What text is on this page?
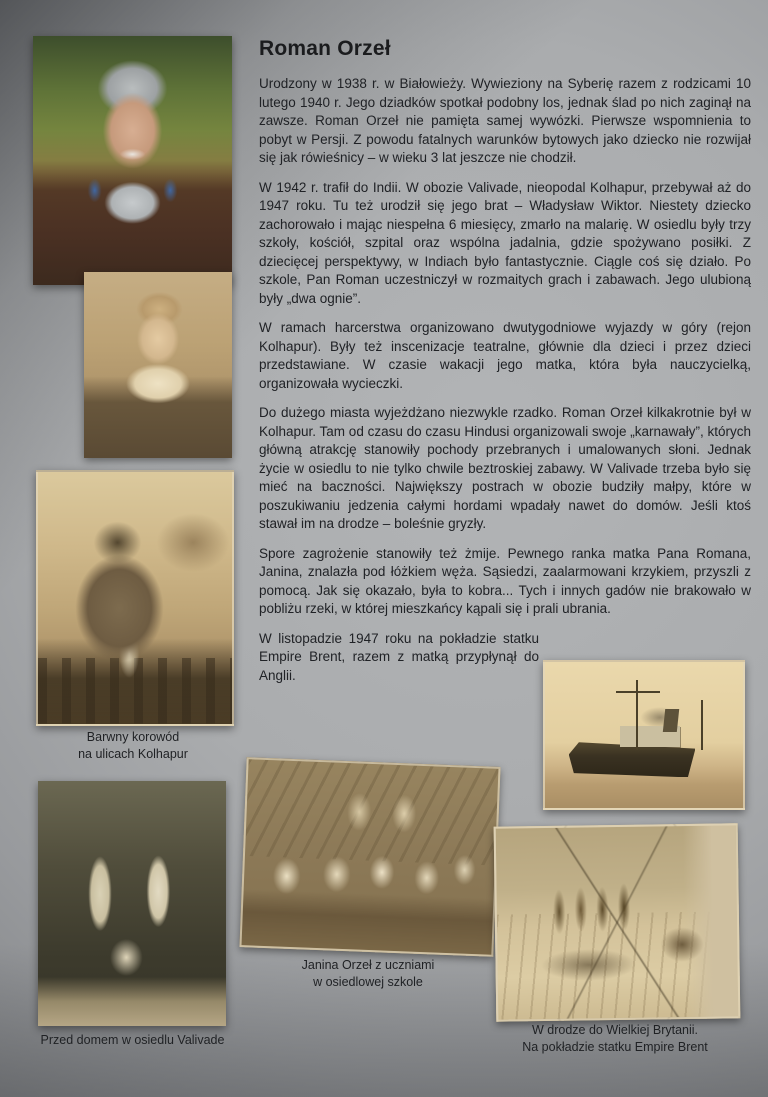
Barwny korowód
na ulicach Kolhapur
Przed domem w osiedlu Valivade
Janina Orzeł z uczniami
w osiedlowej szkole
W drodze do Wielkiej Brytanii.
Na pokładzie statku Empire Brent
Roman Orzeł

Urodzony w 1938 r. w Białowieży. Wywieziony na Syberię razem z rodzicami 10 lutego 1940 r. Jego dziadków spotkał podobny los, jednak ślad po nich zaginął na zawsze. Roman Orzeł nie pamięta samej wywózki. Pierwsze wspomnienia to pobyt w Persji. Z powodu fatalnych warunków bytowych jako dziecko nie rozwijał się jak rówieśnicy – w wieku 3 lat jeszcze nie chodził.

W 1942 r. trafił do Indii. W obozie Valivade, nieopodal Kolhapur, przebywał aż do 1947 roku. Tu też urodził się jego brat – Władysław Wiktor. Niestety dziecko zachorowało i mając niespełna 6 miesięcy, zmarło na malarię. W osiedlu były trzy szkoły, kościół, szpital oraz wspólna jadalnia, gdzie spożywano posiłki. Z dziecięcej perspektywy, w Indiach było fantastycznie. Ciągle coś się działo. Po szkole, Pan Roman uczestniczył w rozmaitych grach i zabawach. Jego ulubioną były „dwa ognie”.

W ramach harcerstwa organizowano dwutygodniowe wyjazdy w góry (rejon Kolhapur). Były też inscenizacje teatralne, głównie dla dzieci i przez dzieci przedstawiane. W czasie wakacji jego matka, która była nauczycielką, organizowała wycieczki.

Do dużego miasta wyjeżdżano niezwykle rzadko. Roman Orzeł kilkakrotnie był w Kolhapur. Tam od czasu do czasu Hindusi organizowali swoje „karnawały”, których główną atrakcję stanowiły pochody przebranych i umalowanych słoni. Jednak życie w osiedlu to nie tylko chwile beztroskiej zabawy. W Valivade trzeba było się mieć na baczności. Największy postrach w obozie budziły małpy, które w poszukiwaniu jedzenia całymi hordami wpadały nawet do domów. Jeśli ktoś stawał im na drodze – boleśnie gryzły.

Spore zagrożenie stanowiły też żmije. Pewnego ranka matka Pana Romana, Janina, znalazła pod łóżkiem węża. Sąsiedzi, zaalarmowani krzykiem, przyszli z pomocą. Jak się okazało, była to kobra... Tych i innych gadów nie brakowało w pobliżu rzeki, w której mieszkańcy kąpali się i prali ubrania.

W listopadzie 1947 roku na pokładzie statku Empire Brent, razem z matką przypłynął do Anglii.
